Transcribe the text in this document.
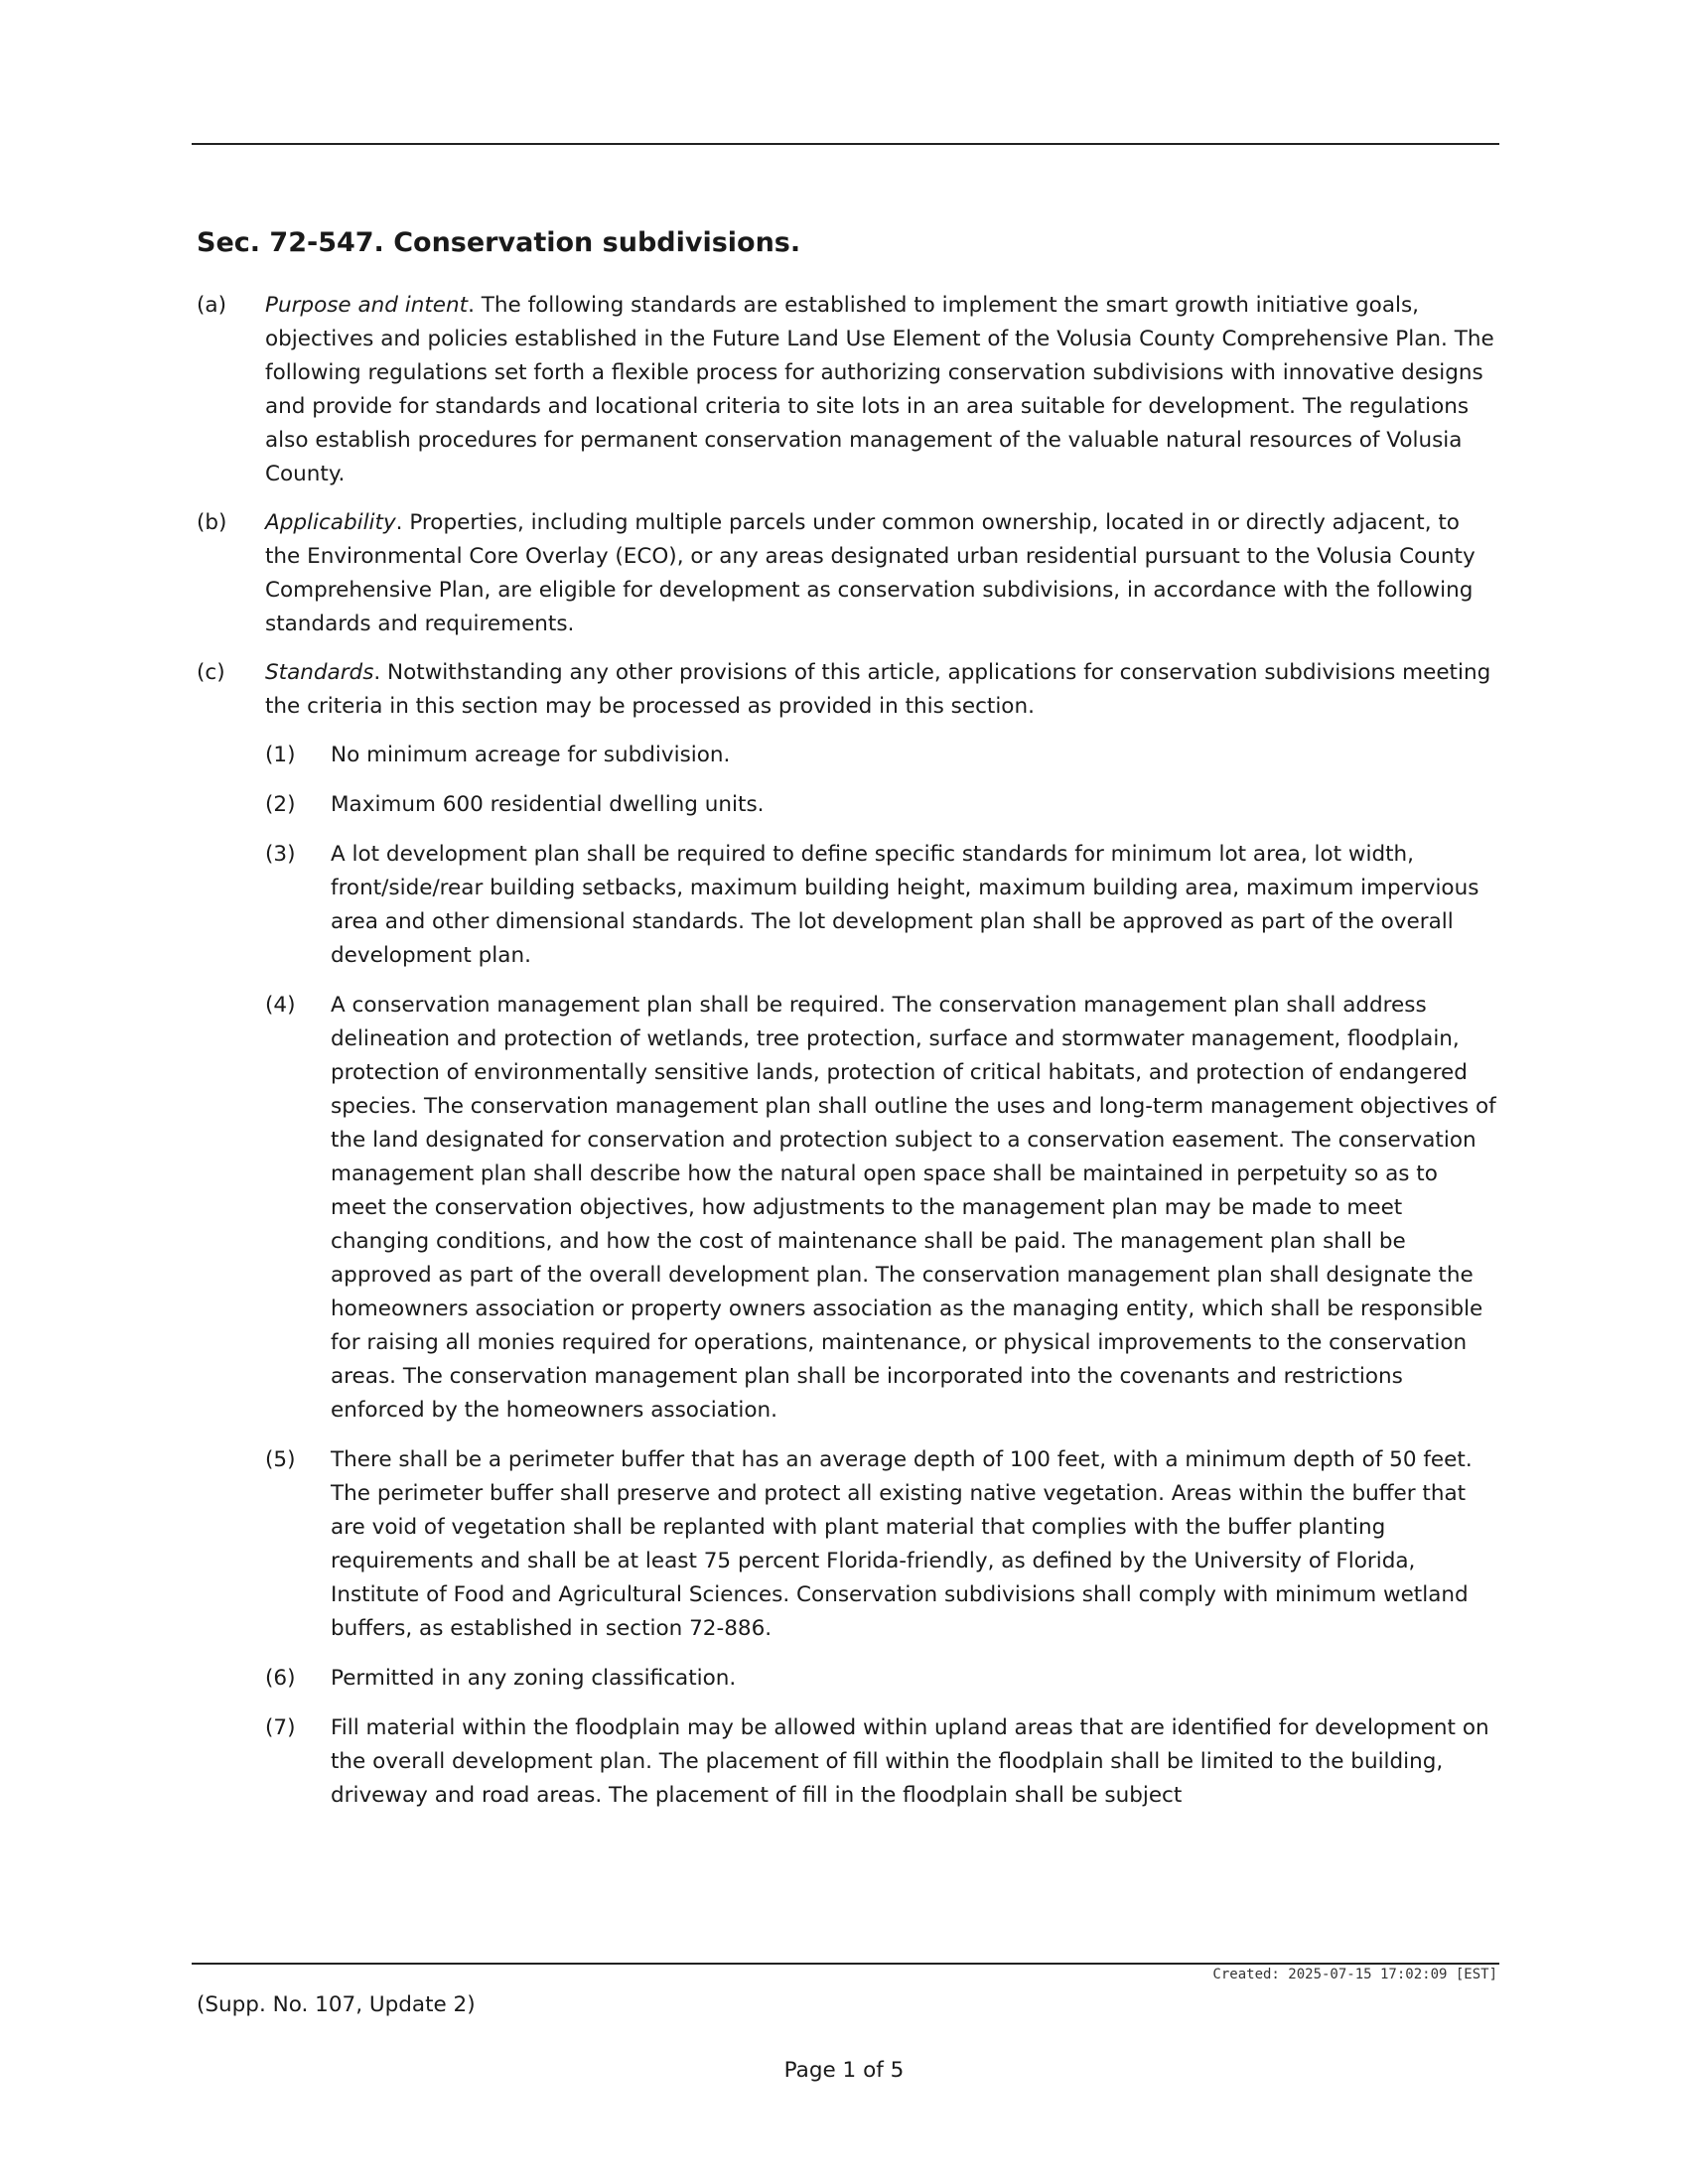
Sec. 72-547. Conservation subdivisions.
(a)	Purpose and intent. The following standards are established to implement the smart growth initiative goals, objectives and policies established in the Future Land Use Element of the Volusia County Comprehensive Plan. The following regulations set forth a flexible process for authorizing conservation subdivisions with innovative designs and provide for standards and locational criteria to site lots in an area suitable for development. The regulations also establish procedures for permanent conservation management of the valuable natural resources of Volusia County.
(b)	Applicability. Properties, including multiple parcels under common ownership, located in or directly adjacent, to the Environmental Core Overlay (ECO), or any areas designated urban residential pursuant to the Volusia County Comprehensive Plan, are eligible for development as conservation subdivisions, in accordance with the following standards and requirements.
(c)	Standards. Notwithstanding any other provisions of this article, applications for conservation subdivisions meeting the criteria in this section may be processed as provided in this section.
(1)	No minimum acreage for subdivision.
(2)	Maximum 600 residential dwelling units.
(3)	A lot development plan shall be required to define specific standards for minimum lot area, lot width, front/side/rear building setbacks, maximum building height, maximum building area, maximum impervious area and other dimensional standards. The lot development plan shall be approved as part of the overall development plan.
(4)	A conservation management plan shall be required. The conservation management plan shall address delineation and protection of wetlands, tree protection, surface and stormwater management, floodplain, protection of environmentally sensitive lands, protection of critical habitats, and protection of endangered species. The conservation management plan shall outline the uses and long-term management objectives of the land designated for conservation and protection subject to a conservation easement. The conservation management plan shall describe how the natural open space shall be maintained in perpetuity so as to meet the conservation objectives, how adjustments to the management plan may be made to meet changing conditions, and how the cost of maintenance shall be paid. The management plan shall be approved as part of the overall development plan. The conservation management plan shall designate the homeowners association or property owners association as the managing entity, which shall be responsible for raising all monies required for operations, maintenance, or physical improvements to the conservation areas. The conservation management plan shall be incorporated into the covenants and restrictions enforced by the homeowners association.
(5)	There shall be a perimeter buffer that has an average depth of 100 feet, with a minimum depth of 50 feet. The perimeter buffer shall preserve and protect all existing native vegetation. Areas within the buffer that are void of vegetation shall be replanted with plant material that complies with the buffer planting requirements and shall be at least 75 percent Florida-friendly, as defined by the University of Florida, Institute of Food and Agricultural Sciences. Conservation subdivisions shall comply with minimum wetland buffers, as established in section 72-886.
(6)	Permitted in any zoning classification.
(7)	Fill material within the floodplain may be allowed within upland areas that are identified for development on the overall development plan. The placement of fill within the floodplain shall be limited to the building, driveway and road areas. The placement of fill in the floodplain shall be subject
Created: 2025-07-15 17:02:09 [EST]
(Supp. No. 107, Update 2)
Page 1 of 5
